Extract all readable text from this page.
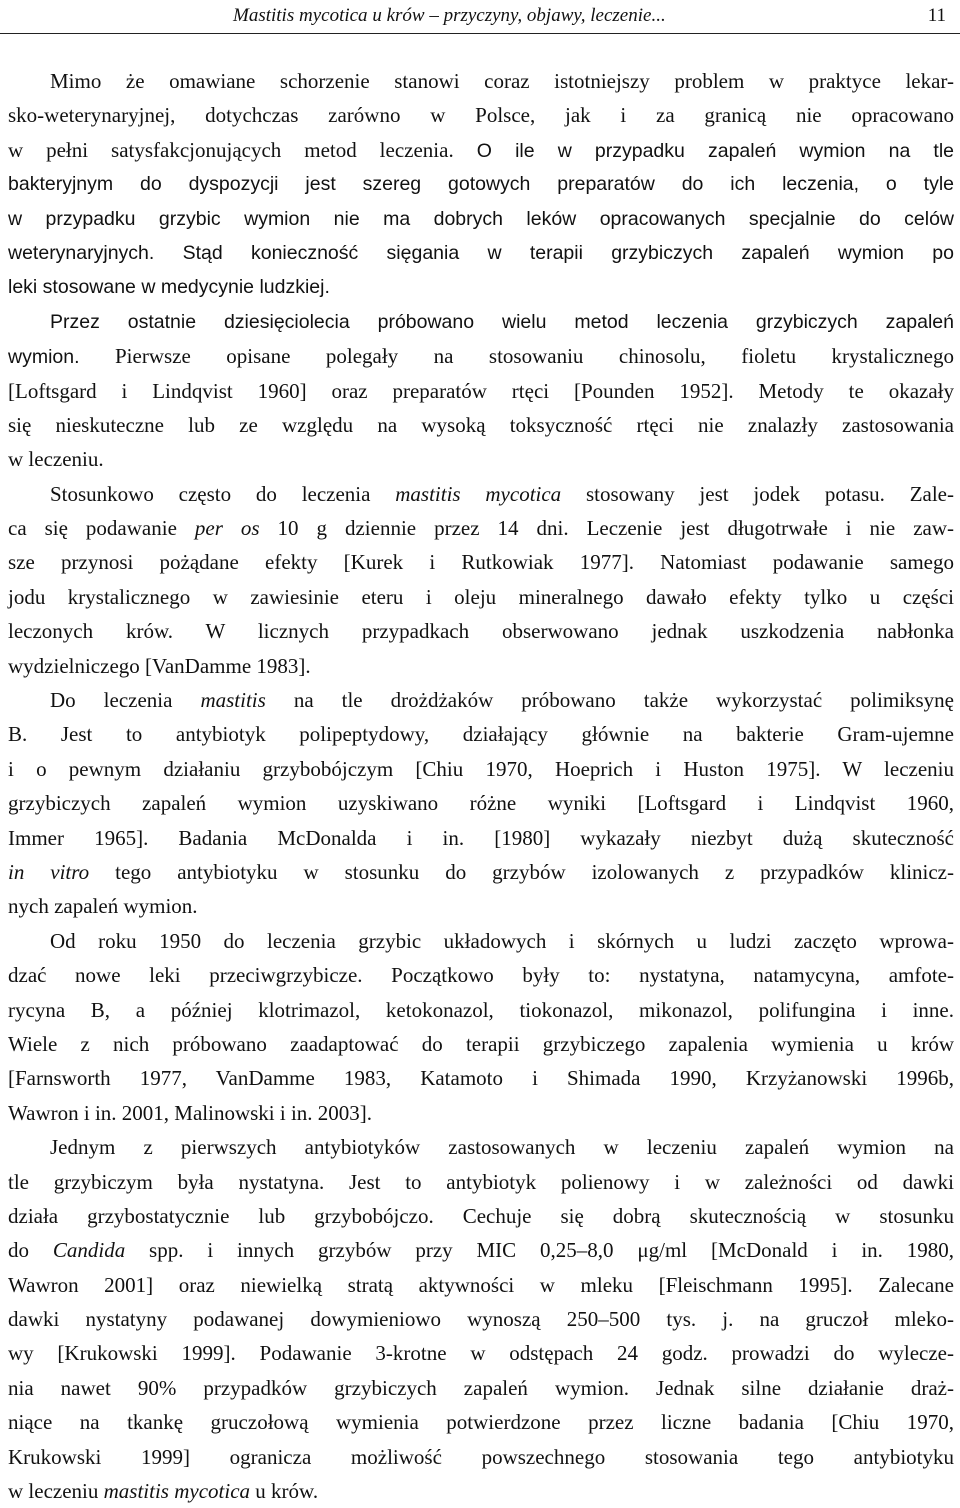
Mastitis mycotica u krów – przyczyny, objawy, leczenie...	11
Mimo że omawiane schorzenie stanowi coraz istotniejszy problem w praktyce lekar-
sko-weterynaryjnej, dotychczas zarówno w Polsce, jak i za granicą nie opracowano
w pełni satysfakcjonujących metod leczenia. O ile w przypadku zapaleń wymion na tle
bakteryjnym do dyspozycji jest szereg gotowych preparatów do ich leczenia, o tyle
w przypadku grzybic wymion nie ma dobrych leków opracowanych specjalnie do celów
weterynaryjnych. Stąd konieczność sięgania w terapii grzybiczych zapaleń wymion po
leki stosowane w medycynie ludzkiej.
Przez ostatnie dziesięciolecia próbowano wielu metod leczenia grzybiczych zapaleń
wymion. Pierwsze opisane polegały na stosowaniu chinosolu, fioletu krystalicznego
[Loftsgard i Lindqvist 1960] oraz preparatów rtęci [Pounden 1952]. Metody te okazały
się nieskuteczne lub ze względu na wysoką toksyczność rtęci nie znalazły zastosowania
w leczeniu.
Stosunkowo często do leczenia mastitis mycotica stosowany jest jodek potasu. Zale-
ca się podawanie per os 10 g dziennie przez 14 dni. Leczenie jest długotrwałe i nie zaw-
sze przynosi pożądane efekty [Kurek i Rutkowiak 1977]. Natomiast podawanie samego
jodu krystalicznego w zawiesinie eteru i oleju mineralnego dawało efekty tylko u części
leczonych krów. W licznych przypadkach obserwowano jednak uszkodzenia nabłonka
wydzielniczego [VanDamme 1983].
Do leczenia mastitis na tle drożdżaków próbowano także wykorzystać polimiksynę
B. Jest to antybiotyk polipeptydowy, działający głównie na bakterie Gram-ujemne
i o pewnym działaniu grzybobójczym [Chiu 1970, Hoeprich i Huston 1975]. W leczeniu
grzybiczych zapaleń wymion uzyskiwano różne wyniki [Loftsgard i Lindqvist 1960,
Immer 1965]. Badania McDonalda i in. [1980] wykazały niezbyt dużą skuteczność
in vitro tego antybiotyku w stosunku do grzybów izolowanych z przypadków klinicz-
nych zapaleń wymion.
Od roku 1950 do leczenia grzybic układowych i skórnych u ludzi zaczęto wprowa-
dzać nowe leki przeciwgrzybicze. Początkowo były to: nystatyna, natamycyna, amfote-
rycyna B, a później klotrimazol, ketokonazol, tiokonazol, mikonazol, polifungina i inne.
Wiele z nich próbowano zaadaptować do terapii grzybiczego zapalenia wymienia u krów
[Farnsworth 1977, VanDamme 1983, Katamoto i Shimada 1990, Krzyżanowski 1996b,
Wawron i in. 2001, Malinowski i in. 2003].
Jednym z pierwszych antybiotyków zastosowanych w leczeniu zapaleń wymion na
tle grzybiczym była nystatyna. Jest to antybiotyk polienowy i w zależności od dawki
działa grzybostatycznie lub grzybobójczo. Cechuje się dobrą skutecznością w stosunku
do Candida spp. i innych grzybów przy MIC 0,25–8,0 μg/ml [McDonald i in. 1980,
Wawron 2001] oraz niewielką stratą aktywności w mleku [Fleischmann 1995]. Zalecane
dawki nystatyny podawanej dowymieniowo wynoszą 250–500 tys. j. na gruczoł mleko-
wy [Krukowski 1999]. Podawanie 3-krotne w odstępach 24 godz. prowadzi do wylecze-
nia nawet 90% przypadków grzybiczych zapaleń wymion. Jednak silne działanie draż-
niące na tkankę gruczołową wymienia potwierdzone przez liczne badania [Chiu 1970,
Krukowski 1999] ogranicza możliwość powszechnego stosowania tego antybiotyku
w leczeniu mastitis mycotica u krów.
